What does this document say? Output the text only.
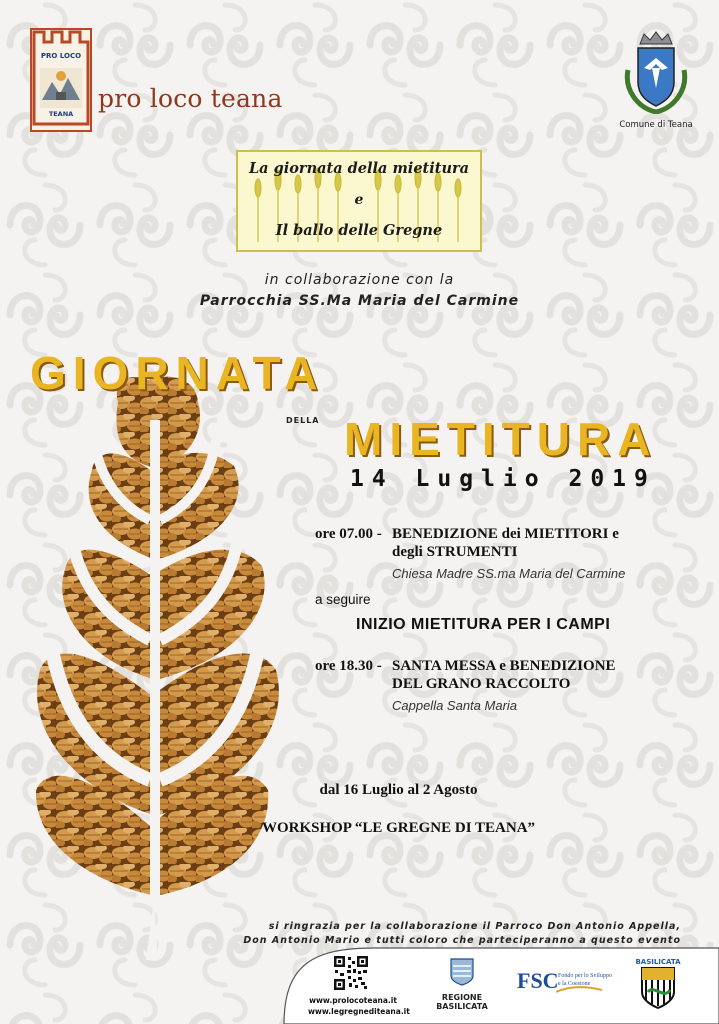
PRO LOCO
TEANA
pro loco teana
Comune di Teana
La giornata della mietitura
e
Il ballo delle Gregne
in collaborazione con la
Parrocchia SS.Ma Maria del Carmine
GIORNATA
DELLA MIETITURA
14 Luglio 2019
ore 07.00 - BENEDIZIONE dei MIETITORI e
degli STRUMENTI
Chiesa Madre SS.ma Maria del Carmine
a seguire
INIZIO MIETITURA PER I CAMPI
ore 18.30 - SANTA MESSA e BENEDIZIONE
DEL GRANO RACCOLTO
Cappella Santa Maria
dal 16 Luglio al 2 Agosto
WORKSHOP “LE GREGNE DI TEANA”
si ringrazia per la collaborazione il Parroco Don Antonio Appella,
Don Antonio Mario e tutti coloro che parteciperanno a questo evento
www.prolocoteana.it
www.legregnediteana.it
REGIONE
BASILICATA
FSC Fondo per lo Sviluppo
e la Coesione
BASILICATA
